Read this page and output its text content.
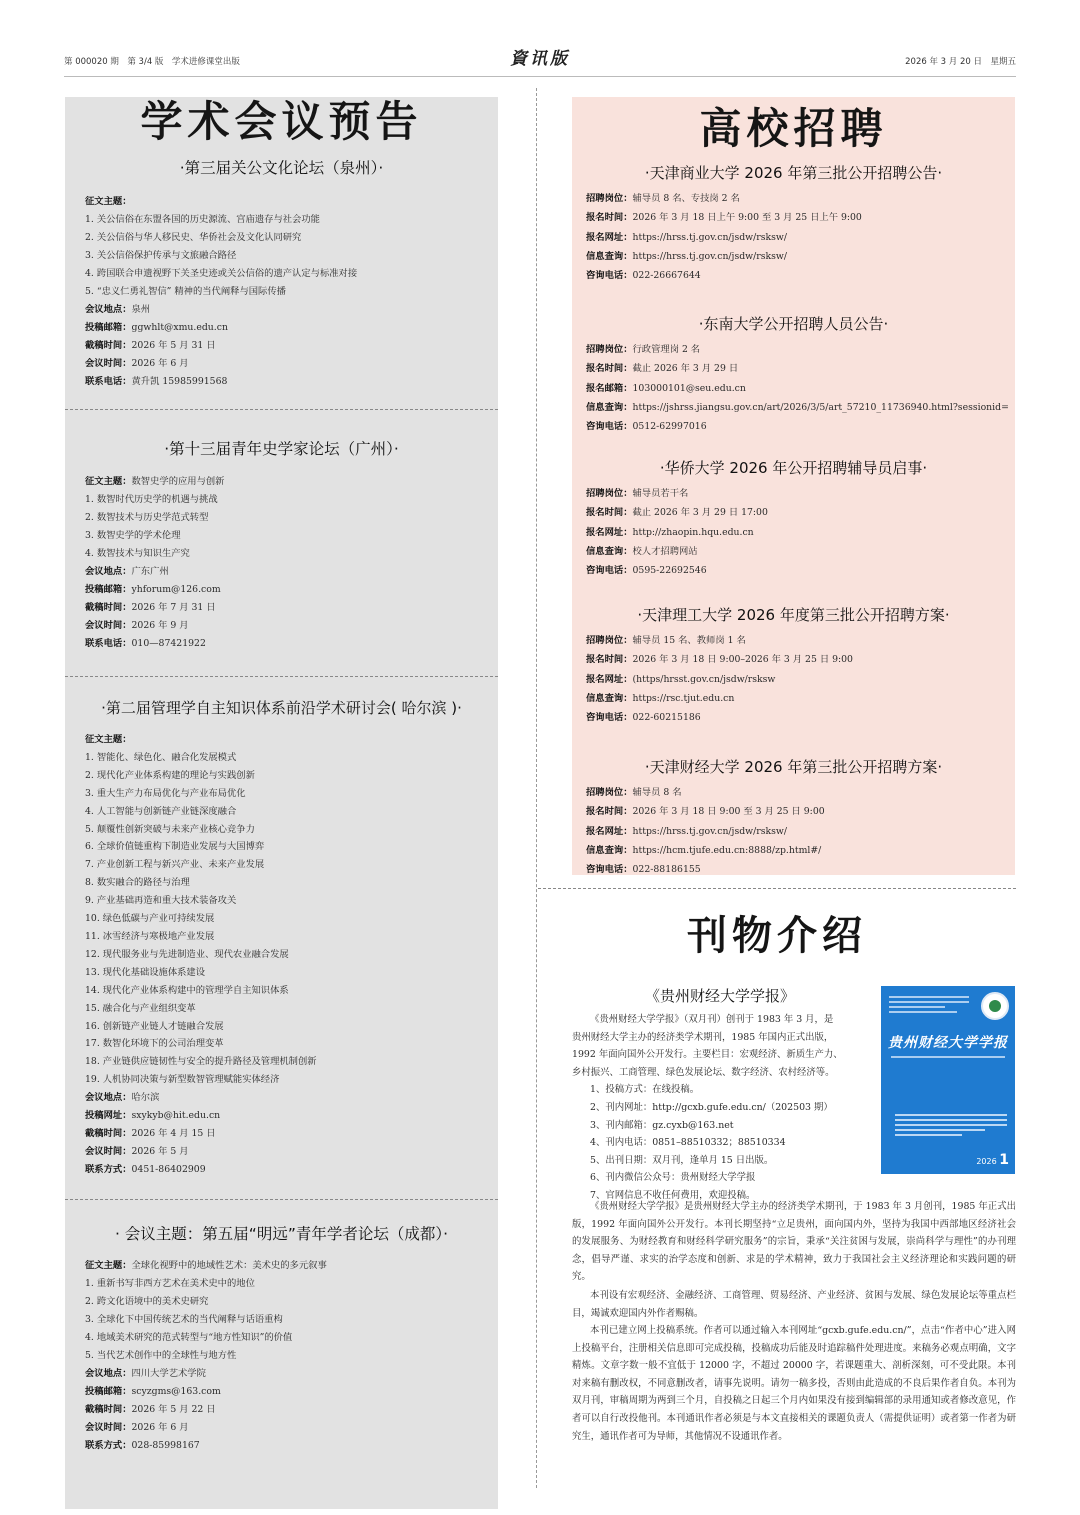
第 000020 期　第 3/4 版　学术进修课堂出版	資讯版	2026 年 3 月 20 日　星期五
学术会议预告
·第三届关公文化论坛（泉州）·
征文主题：
1. 关公信俗在东盟各国的历史源流、宫庙遗存与社会功能
2. 关公信俗与华人移民史、华侨社会及文化认同研究
3. 关公信俗保护传承与文旅融合路径
4. 跨国联合申遗视野下关圣史迹或关公信俗的遗产认定与标准对接
5. “忠义仁勇礼智信” 精神的当代阐释与国际传播
会议地点：泉州
投稿邮箱：ggwhlt@xmu.edu.cn
截稿时间：2026 年 5 月 31 日
会议时间：2026 年 6 月
联系电话：黄升凯 15985991568
·第十三届青年史学家论坛（广州）·
征文主题：数智史学的应用与创新
1. 数智时代历史学的机遇与挑战
2. 数智技术与历史学范式转型
3. 数智史学的学术伦理
4. 数智技术与知识生产究
会议地点：广东广州
投稿邮箱：yhforum@126.com
截稿时间：2026 年 7 月 31 日
会议时间：2026 年 9 月
联系电话：010—87421922
·第二届管理学自主知识体系前沿学术研讨会( 哈尔滨 )·
征文主题：
1. 智能化、绿色化、融合化发展模式
2. 现代化产业体系构建的理论与实践创新
3. 重大生产力布局优化与产业布局优化
4. 人工智能与创新链产业链深度融合
5. 颠覆性创新突破与未来产业核心竞争力
6. 全球价值链重构下制造业发展与大国博弈
7. 产业创新工程与新兴产业、未来产业发展
8. 数实融合的路径与治理
9. 产业基础再造和重大技术装备攻关
10. 绿色低碳与产业可持续发展
11. 冰雪经济与寒极地产业发展
12. 现代服务业与先进制造业、现代农业融合发展
13. 现代化基础设施体系建设
14. 现代化产业体系构建中的管理学自主知识体系
15. 融合化与产业组织变革
16. 创新链产业链人才链融合发展
17. 数智化环境下的公司治理变革
18. 产业链供应链韧性与安全的提升路径及管理机制创新
19. 人机协同决策与新型数智管理赋能实体经济
会议地点：哈尔滨
投稿网址：sxykyb@hit.edu.cn
截稿时间：2026 年 4 月 15 日
会议时间：2026 年 5 月
联系方式：0451-86402909
· 会议主题：第五届“明远”青年学者论坛（成都）·
征文主题：全球化视野中的地域性艺术：美术史的多元叙事
1. 重新书写非西方艺术在美术史中的地位
2. 跨文化语境中的美术史研究
3. 全球化下中国传统艺术的当代阐释与话语重构
4. 地域美术研究的范式转型与“地方性知识”的价值
5. 当代艺术创作中的全球性与地方性
会议地点：四川大学艺术学院
投稿邮箱：scyzgms@163.com
截稿时间：2026 年 5 月 22 日
会议时间：2026 年 6 月
联系方式：028-85998167
高校招聘
·天津商业大学 2026 年第三批公开招聘公告·
招聘岗位：辅导员 8 名、专技岗 2 名
报名时间：2026 年 3 月 18 日上午 9:00 至 3 月 25 日上午 9:00
报名网址：https://hrss.tj.gov.cn/jsdw/rsksw/
信息查询：https://hrss.tj.gov.cn/jsdw/rsksw/
咨询电话：022-26667644
·东南大学公开招聘人员公告·
招聘岗位：行政管理岗 2 名
报名时间：截止 2026 年 3 月 29 日
报名邮箱：103000101@seu.edu.cn
信息查询：https://jshrss.jiangsu.gov.cn/art/2026/3/5/art_57210_11736940.html?sessionid=
咨询电话：0512-62997016
·华侨大学 2026 年公开招聘辅导员启事·
招聘岗位：辅导员若干名
报名时间：截止 2026 年 3 月 29 日 17:00
报名网址：http://zhaopin.hqu.edu.cn
信息查询：校人才招聘网站
咨询电话：0595-22692546
·天津理工大学 2026 年度第三批公开招聘方案·
招聘岗位：辅导员 15 名、教师岗 1 名
报名时间：2026 年 3 月 18 日 9:00–2026 年 3 月 25 日 9:00
报名网址：(https/hrsst.gov.cn/jsdw/rsksw
信息查询：https://rsc.tjut.edu.cn
咨询电话：022-60215186
·天津财经大学 2026 年第三批公开招聘方案·
招聘岗位：辅导员 8 名
报名时间：2026 年 3 月 18 日 9:00 至 3 月 25 日 9:00
报名网址：https://hrss.tj.gov.cn/jsdw/rsksw/
信息查询：https://hcm.tjufe.edu.cn:8888/zp.html#/
咨询电话：022-88186155
刊物介绍
《贵州财经大学学报》
《贵州财经大学学报》（双月刊）创刊于 1983 年 3 月，是
贵州财经大学主办的经济类学术期刊，1985 年国内正式出版，
1992 年面向国外公开发行。主要栏目：宏观经济、新质生产力、
乡村振兴、工商管理、绿色发展论坛、数字经济、农村经济等。
1、投稿方式：在线投稿。
2、刊内网址：http://gcxb.gufe.edu.cn/（202503 期）
3、刊内邮箱：gz.cyxb@163.net
4、刊内电话：0851–88510332；88510334
5、出刊日期：双月刊，逢单月 15 日出版。
6、刊内微信公众号：贵州财经大学学报
7、官网信息不收任何费用，欢迎投稿。
贵州财经大学学报
2026 1

《贵州财经大学学报》是贵州财经大学主办的经济类学术期刊，于 1983 年 3 月创刊，1985 年正式出版，1992 年面向国外公开发行。本刊长期坚持“立足贵州，面向国内外，坚持为我国中西部地区经济社会的发展服务、为财经教育和财经科学研究服务”的宗旨，秉承“关注贫困与发展，崇尚科学与理性”的办刊理念，倡导严谨、求实的治学态度和创新、求是的学术精神，致力于我国社会主义经济理论和实践问题的研究。

本刊设有宏观经济、金融经济、工商管理、贸易经济、产业经济、贫困与发展、绿色发展论坛等重点栏目，竭诚欢迎国内外作者赐稿。

本刊已建立网上投稿系统。作者可以通过输入本刊网址“gcxb.gufe.edu.cn/”，点击“作者中心”进入网上投稿平台，注册相关信息即可完成投稿，投稿成功后能及时追踪稿件处理进度。来稿务必观点明确，文字精炼。文章字数一般不宜低于 12000 字，不超过 20000 字，若课题重大、剖析深刻，可不受此限。本刊对来稿有删改权，不同意删改者，请事先说明。请勿一稿多投，否则由此造成的不良后果作者自负。本刊为双月刊，审稿周期为两到三个月，自投稿之日起三个月内如果没有接到编辑部的录用通知或者修改意见，作者可以自行改投他刊。本刊通讯作者必须是与本文直接相关的课题负责人（需提供证明）或者第一作者为研究生，通讯作者可为导师，其他情况不设通讯作者。
